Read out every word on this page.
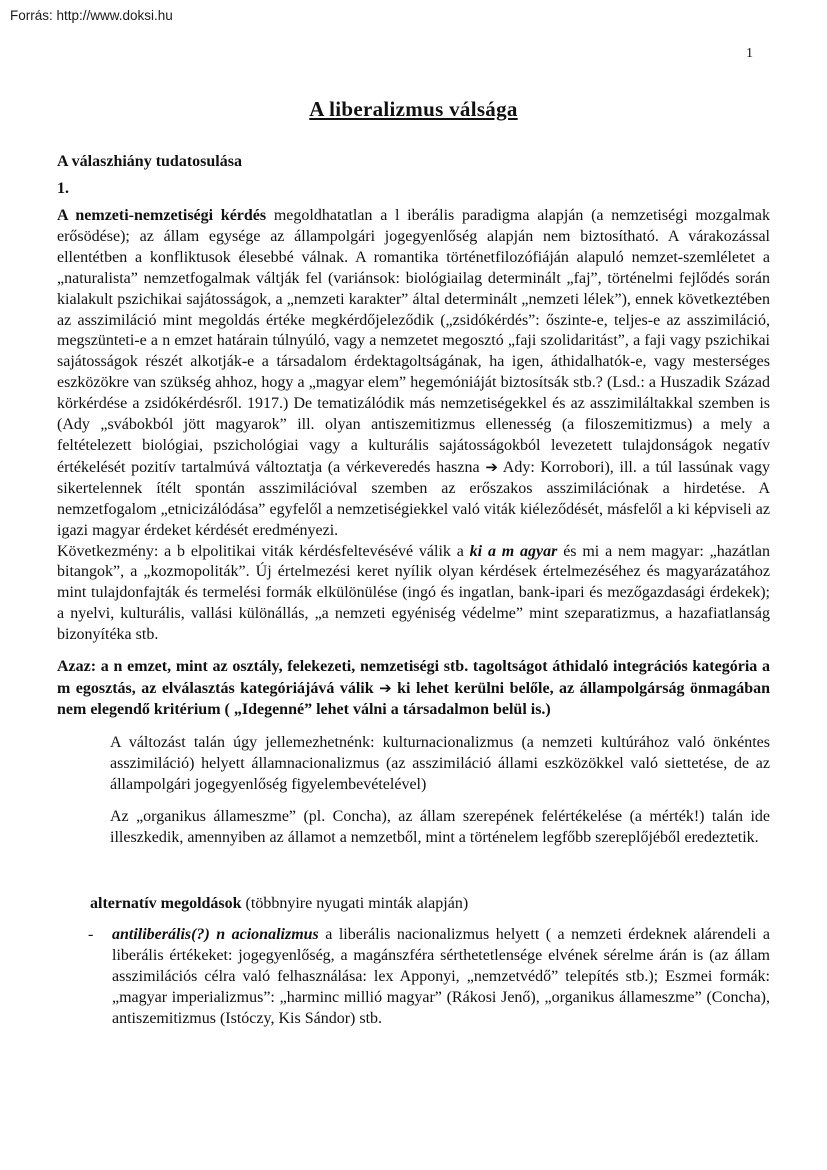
Forrás: http://www.doksi.hu
1
A liberalizmus válsága
A válaszhiány tudatosulása
1.
A nemzeti-nemzetiségi kérdés megoldhatatlan a l iberális paradigma alapján (a nemzetiségi mozgalmak erősödése); az állam egysége az állampolgári jogegyenlőség alapján nem biztosítható. A várakozással ellentétben a konfliktusok élesebbé válnak. A romantika történetfilozófiáján alapuló nemzet-szemléletet a „naturalista” nemzetfogalmak váltják fel (variánsok: biológiailag determinált „faj”, történelmi fejlődés során kialakult pszichikai sajátosságok, a „nemzeti karakter” által determinált „nemzeti lélek”), ennek következtében az asszimiláció mint megoldás értéke megkérdőjeleződik („zsidókérdés”: őszinte-e, teljes-e az asszimiláció, megszünteti-e a n emzet határain túlnyúló, vagy a nemzetet megosztó „faji szolidaritást”, a faji vagy pszichikai sajátosságok részét alkotják-e a társadalom érdektagoltságának, ha igen, áthidalhatók-e, vagy mesterséges eszközökre van szükség ahhoz, hogy a „magyar elem” hegemóniáját biztosítsák stb.? (Lsd.: a Huszadik Század körkérdése a zsidókérdésről. 1917.) De tematizálódik más nemzetiségekkel és az asszimiláltakkal szemben is (Ady „svábokból jött magyarok” ill. olyan antiszemitizmus ellenesség (a filoszemitizmus) a mely a feltételezett biológiai, pszichológiai vagy a kulturális sajátosságokból levezetett tulajdonságok negatív értékelését pozitív tartalmúvá változtatja (a vérkeveredés haszna ➔ Ady: Korrobori), ill. a túl lassúnak vagy sikertelennek ítélt spontán asszimilációval szemben az erőszakos asszimilációnak a hirdetése. A nemzetfogalom „etnicizálódása” egyfelől a nemzetiségiekkel való viták kiéleződését, másfelől a ki képviseli az igazi magyar érdeket kérdését eredményezi.
Következmény: a b elpolitikai viták kérdésfeltevésévé válik a ki a m agyar és mi a nem magyar: „hazátlan bitangok”, a „kozmopoliták”. Új értelmezési keret nyílik olyan kérdések értelmezéséhez és magyarázatához mint tulajdonfajták és termelési formák elkülönülése (ingó és ingatlan, bank-ipari és mezőgazdasági érdekek); a nyelvi, kulturális, vallási különállás, „a nemzeti egyéniség védelme” mint szeparatizmus, a hazafiatlanság bizonyítéka stb.
Azaz: a n emzet, mint az osztály, felekezeti, nemzetiségi stb. tagoltságot áthidaló integrációs kategória a m egosztás, az elválasztás kategóriájává válik ➔ ki lehet kerülni belőle, az állampolgárság önmagában nem elegendő kritérium ( „Idegenné” lehet válni a társadalmon belül is.)
A változást talán úgy jellemezhetnénk: kulturnacionalizmus (a nemzeti kultúrához való önkéntes asszimiláció) helyett államnacionalizmus (az asszimiláció állami eszközökkel való siettetése, de az állampolgári jogegyenlőség figyelembevételével)
Az „organikus állameszme” (pl. Concha), az állam szerepének felértékelése (a mérték!) talán ide illeszkedik, amennyiben az államot a nemzetből, mint a történelem legfőbb szereplőjéből eredeztetik.
alternatív megoldások (többnyire nyugati minták alapján)
- antiliberális(?) n acionalizmus a liberális nacionalizmus helyett ( a nemzeti érdeknek alárendeli a liberális értékeket: jogegyenlőség, a magánszféra sérthetetlensége elvének sérelme árán is (az állam asszimilációs célra való felhasználása: lex Apponyi, „nemzetvédő” telepítés stb.); Eszmei formák: „magyar imperializmus”: „harminc millió magyar” (Rákosi Jenő), „organikus állameszme” (Concha), antiszemitizmus (Istóczy, Kis Sándor) stb.
